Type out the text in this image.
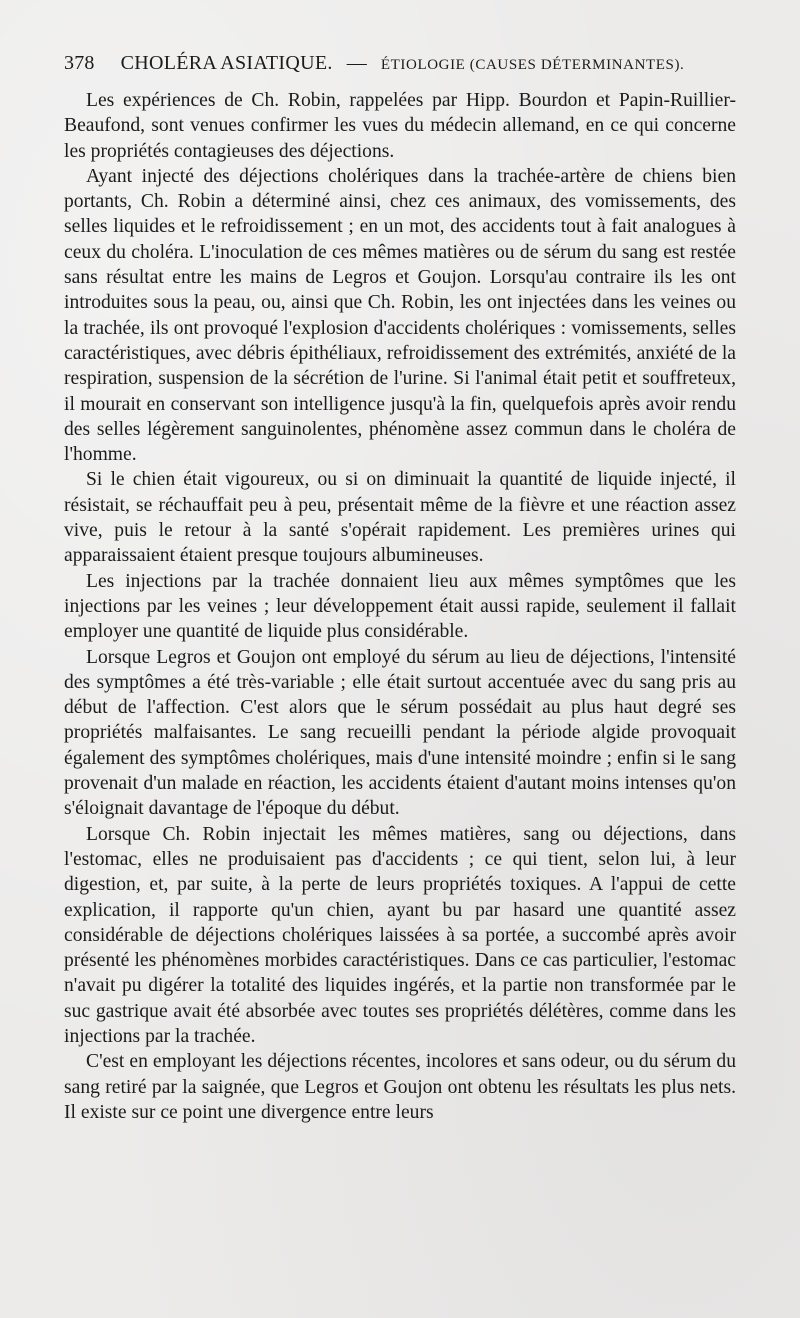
378 CHOLÉRA ASIATIQUE. — ÉTIOLOGIE (CAUSES DÉTERMINANTES).

Les expériences de Ch. Robin, rappelées par Hipp. Bourdon et Papin-Ruillier-Beaufond, sont venues confirmer les vues du médecin allemand, en ce qui concerne les propriétés contagieuses des déjections.

Ayant injecté des déjections cholériques dans la trachée-artère de chiens bien portants, Ch. Robin a déterminé ainsi, chez ces animaux, des vomissements, des selles liquides et le refroidissement ; en un mot, des accidents tout à fait analogues à ceux du choléra. L'inoculation de ces mêmes matières ou de sérum du sang est restée sans résultat entre les mains de Legros et Goujon. Lorsqu'au contraire ils les ont introduites sous la peau, ou, ainsi que Ch. Robin, les ont injectées dans les veines ou la trachée, ils ont provoqué l'explosion d'accidents cholériques : vomissements, selles caractéristiques, avec débris épithéliaux, refroidissement des extrémités, anxiété de la respiration, suspension de la sécrétion de l'urine. Si l'animal était petit et souffreteux, il mourait en conservant son intelligence jusqu'à la fin, quelquefois après avoir rendu des selles légèrement sanguinolentes, phénomène assez commun dans le choléra de l'homme.

Si le chien était vigoureux, ou si on diminuait la quantité de liquide injecté, il résistait, se réchauffait peu à peu, présentait même de la fièvre et une réaction assez vive, puis le retour à la santé s'opérait rapidement. Les premières urines qui apparaissaient étaient presque toujours albumineuses.

Les injections par la trachée donnaient lieu aux mêmes symptômes que les injections par les veines ; leur développement était aussi rapide, seulement il fallait employer une quantité de liquide plus considérable.

Lorsque Legros et Goujon ont employé du sérum au lieu de déjections, l'intensité des symptômes a été très-variable ; elle était surtout accentuée avec du sang pris au début de l'affection. C'est alors que le sérum possédait au plus haut degré ses propriétés malfaisantes. Le sang recueilli pendant la période algide provoquait également des symptômes cholériques, mais d'une intensité moindre ; enfin si le sang provenait d'un malade en réaction, les accidents étaient d'autant moins intenses qu'on s'éloignait davantage de l'époque du début.

Lorsque Ch. Robin injectait les mêmes matières, sang ou déjections, dans l'estomac, elles ne produisaient pas d'accidents ; ce qui tient, selon lui, à leur digestion, et, par suite, à la perte de leurs propriétés toxiques. A l'appui de cette explication, il rapporte qu'un chien, ayant bu par hasard une quantité assez considérable de déjections cholériques laissées à sa portée, a succombé après avoir présenté les phénomènes morbides caractéristiques. Dans ce cas particulier, l'estomac n'avait pu digérer la totalité des liquides ingérés, et la partie non transformée par le suc gastrique avait été absorbée avec toutes ses propriétés délétères, comme dans les injections par la trachée.

C'est en employant les déjections récentes, incolores et sans odeur, ou du sérum du sang retiré par la saignée, que Legros et Goujon ont obtenu les résultats les plus nets. Il existe sur ce point une divergence entre leurs
